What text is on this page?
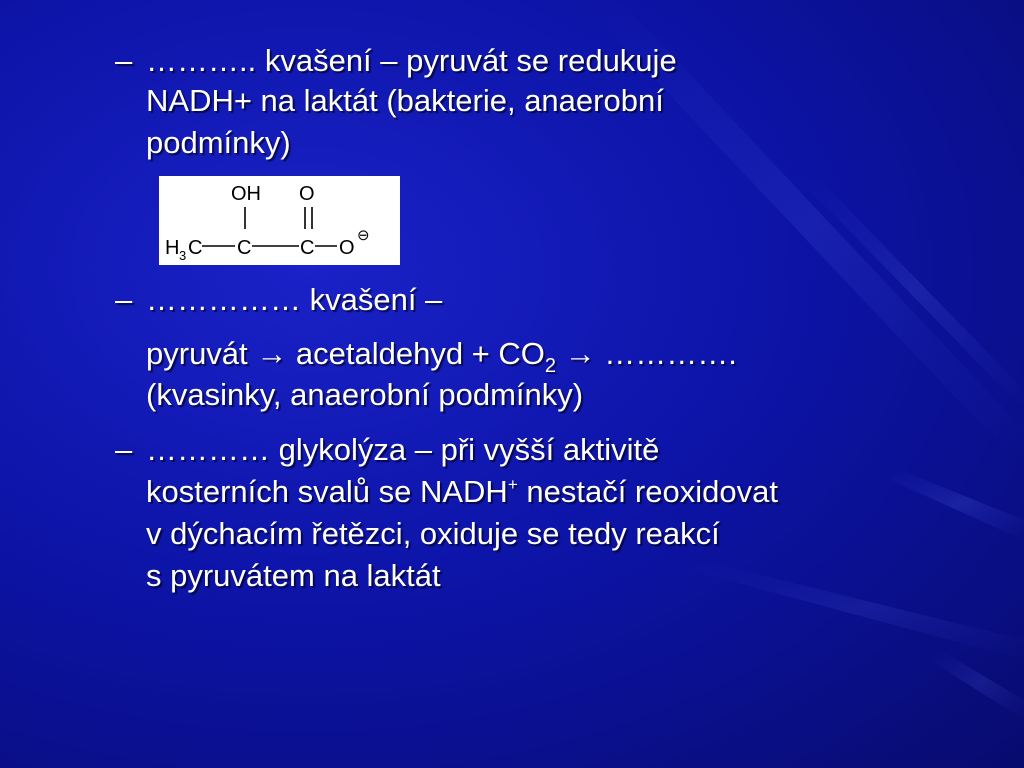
– ……….. kvašení – pyruvát se redukuje
NADH+ na laktát (bakterie, anaerobní
podmínky)
OH O
H 3 C C C O
⊖
– …………… kvašení –
pyruvát → acetaldehyd + $CO_2$ → ………….
(kvasinky, anaerobní podmínky)
– ………… glykolýza – při vyšší aktivitě
kosterních svalů se NADH+ nestačí reoxidovat
v dýchacím řetězci, oxiduje se tedy reakcí
s pyruvátem na laktát
